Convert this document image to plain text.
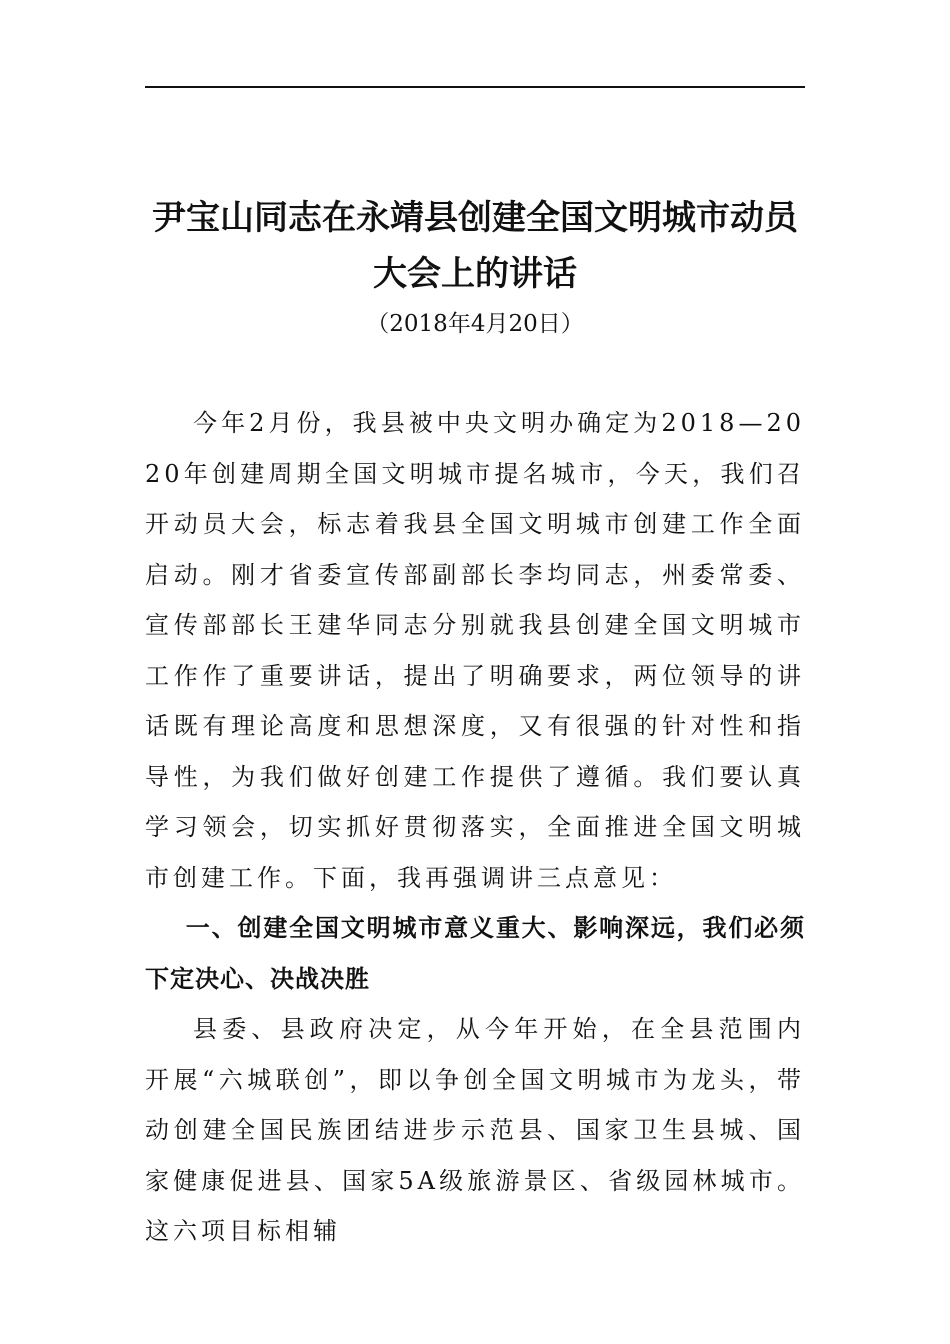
尹宝山同志在永靖县创建全国文明城市动员大会上的讲话
（2018年4月20日）

今年2月份，我县被中央文明办确定为2018—2020年创建周期全国文明城市提名城市，今天，我们召开动员大会，标志着我县全国文明城市创建工作全面启动。刚才省委宣传部副部长李均同志，州委常委、宣传部部长王建华同志分别就我县创建全国文明城市工作作了重要讲话，提出了明确要求，两位领导的讲话既有理论高度和思想深度，又有很强的针对性和指导性，为我们做好创建工作提供了遵循。我们要认真学习领会，切实抓好贯彻落实，全面推进全国文明城市创建工作。下面，我再强调讲三点意见：

一、创建全国文明城市意义重大、影响深远，我们必须下定决心、决战决胜

县委、县政府决定，从今年开始，在全县范围内开展“六城联创”，即以争创全国文明城市为龙头，带动创建全国民族团结进步示范县、国家卫生县城、国家健康促进县、国家5A级旅游景区、省级园林城市。这六项目标相辅
